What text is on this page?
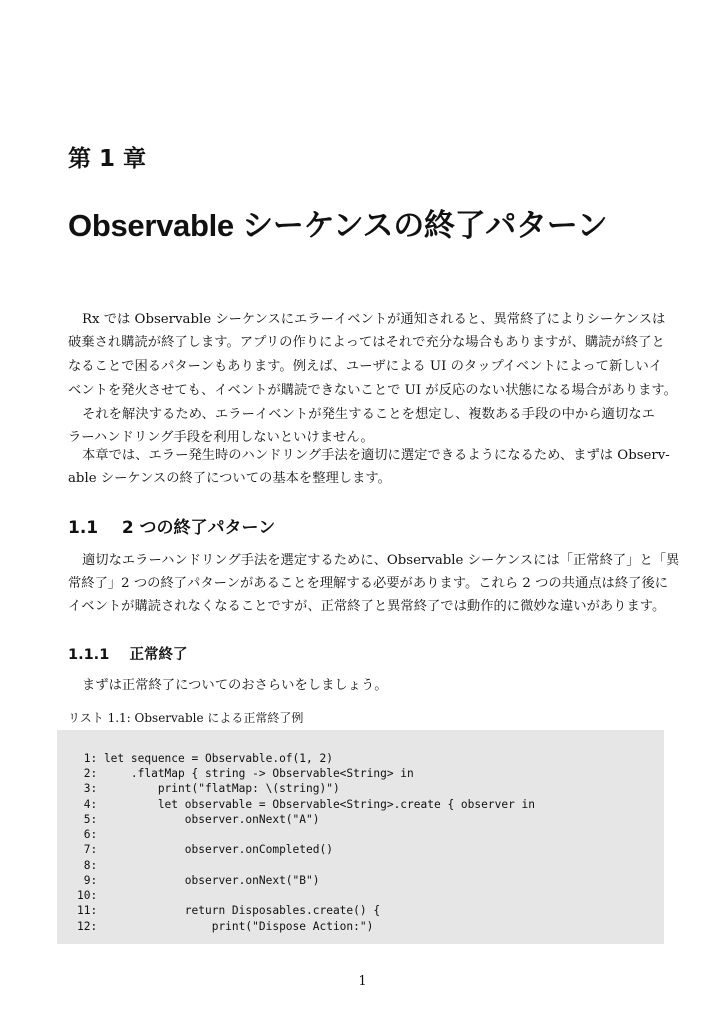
第 1 章
Observable シーケンスの終了パターン
Rx では Observable シーケンスにエラーイベントが通知されると、異常終了によりシーケンスは
破棄され購読が終了します。アプリの作りによってはそれで充分な場合もありますが、購読が終了と
なることで困るパターンもあります。例えば、ユーザによる UI のタップイベントによって新しいイ
ベントを発火させても、イベントが購読できないことで UI が反応のない状態になる場合があります。
それを解決するため、エラーイベントが発生することを想定し、複数ある手段の中から適切なエ
ラーハンドリング手段を利用しないといけません。
本章では、エラー発生時のハンドリング手法を適切に選定できるようになるため、まずは Observ-
able シーケンスの終了についての基本を整理します。
1.1 2 つの終了パターン
適切なエラーハンドリング手法を選定するために、Observable シーケンスには「正常終了」と「異
常終了」2 つの終了パターンがあることを理解する必要があります。これら 2 つの共通点は終了後に
イベントが購読されなくなることですが、正常終了と異常終了では動作的に微妙な違いがあります。
1.1.1 正常終了
まずは正常終了についてのおさらいをしましょう。
リスト 1.1: Observable による正常終了例
1: let sequence = Observable.of(1, 2)
2:     .flatMap { string -> Observable<String> in
3:         print("flatMap: \(string)")
4:         let observable = Observable<String>.create { observer in
5:             observer.onNext("A")
6:
7:             observer.onCompleted()
8:
9:             observer.onNext("B")
10:
11:             return Disposables.create() {
12:                 print("Dispose Action:")
1
